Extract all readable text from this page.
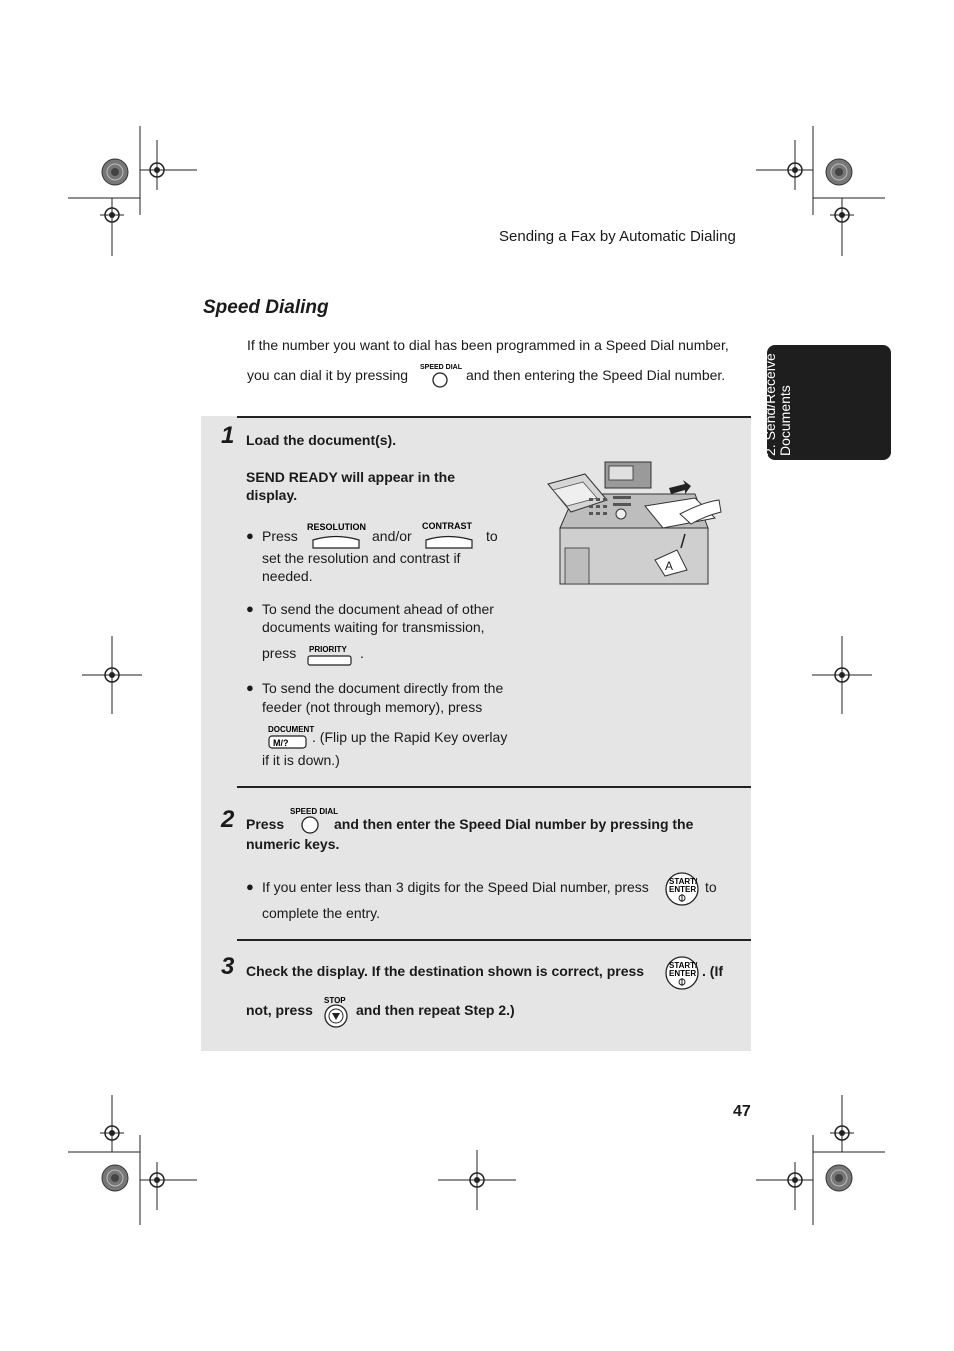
Sending a Fax by Automatic Dialing
Speed Dialing
If the number you want to dial has been programmed in a Speed Dial number,
you can dial it by pressing SPEED DIAL and then entering the Speed Dial number.	2. Send/Receive Documents
1 Load the document(s).
SEND READY will appear in the
display.
● Press
RESOLUTION
and/or
CONTRAST
to
set the resolution and contrast if
needed.
● To send the document ahead of other
documents waiting for transmission,
press PRIORITY .
● To send the document directly from the
feeder (not through memory), press
DOCUMENT
M/? . (Flip up the Rapid Key overlay
if it is down.)
A
2	SPEED DIAL
Press	and then enter the Speed Dial number by pressing the
numeric keys.
● If you enter less than 3 digits for the Speed Dial number, press	START/
ENTER to
complete the entry.
3 Check the display. If the destination shown is correct, press	START/
ENTER . (If
not, press
STOP
and then repeat Step 2.)
47
